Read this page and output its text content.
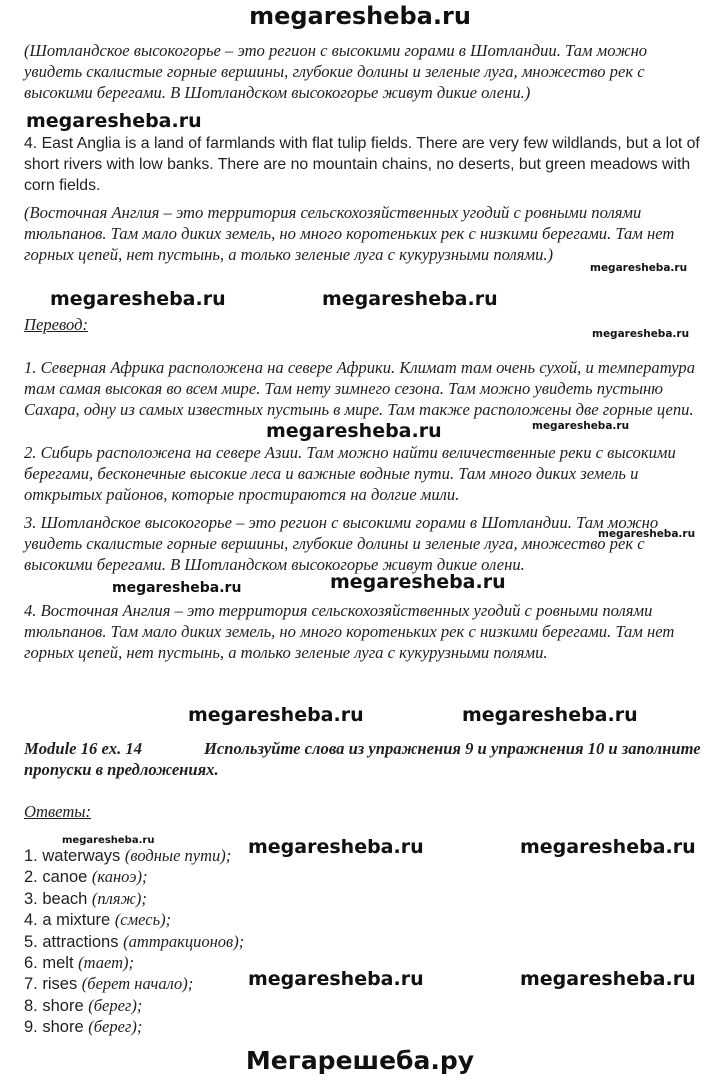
megaresheba.ru
(Шотландское высокогорье – это регион с высокими горами в Шотландии. Там можно увидеть скалистые горные вершины, глубокие долины и зеленые луга, множество рек с высокими берегами. В Шотландском высокогорье живут дикие олени.)
4. East Anglia is a land of farmlands with flat tulip fields. There are very few wildlands, but a lot of short rivers with low banks. There are no mountain chains, no deserts, but green meadows with corn fields.
(Восточная Англия – это территория сельскохозяйственных угодий с ровными полями тюльпанов. Там мало диких земель, но много коротеньких рек с низкими берегами. Там нет горных цепей, нет пустынь, а только зеленые луга с кукурузными полями.)
Перевод:
1. Северная Африка расположена на севере Африки. Климат там очень сухой, и температура там самая высокая во всем мире. Там нету зимнего сезона. Там можно увидеть пустыню Сахара, одну из самых известных пустынь в мире. Там также расположены две горные цепи.
2. Сибирь расположена на севере Азии. Там можно найти величественные реки с высокими берегами, бесконечные высокие леса и важные водные пути. Там много диких земель и открытых районов, которые простираются на долгие мили.
3. Шотландское высокогорье – это регион с высокими горами в Шотландии. Там можно увидеть скалистые горные вершины, глубокие долины и зеленые луга, множество рек с высокими берегами. В Шотландском высокогорье живут дикие олени.
4. Восточная Англия – это территория сельскохозяйственных угодий с ровными полями тюльпанов. Там мало диких земель, но много коротеньких рек с низкими берегами. Там нет горных цепей, нет пустынь, а только зеленые луга с кукурузными полями.
Module 16 ex. 14	Используйте слова из упражнения 9 и упражнения 10 и заполните пропуски в предложениях.
Ответы:
1. waterways (водные пути);
2. canoe (каноэ);
3. beach (пляж);
4. a mixture (смесь);
5. attractions (аттракционов);
6. melt (тает);
7. rises (берет начало);
8. shore (берег);
9. shore (берег);
megaresheba.ru
megaresheba.ru
megaresheba.ru	megaresheba.ru
megaresheba.ru
megaresheba.ru	megaresheba.ru
megaresheba.ru
megaresheba.ru
megaresheba.ru
megaresheba.ru	megaresheba.ru
megaresheba.ru	megaresheba.ru	megaresheba.ru
megaresheba.ru	megaresheba.ru
Мегарешеба.ру
